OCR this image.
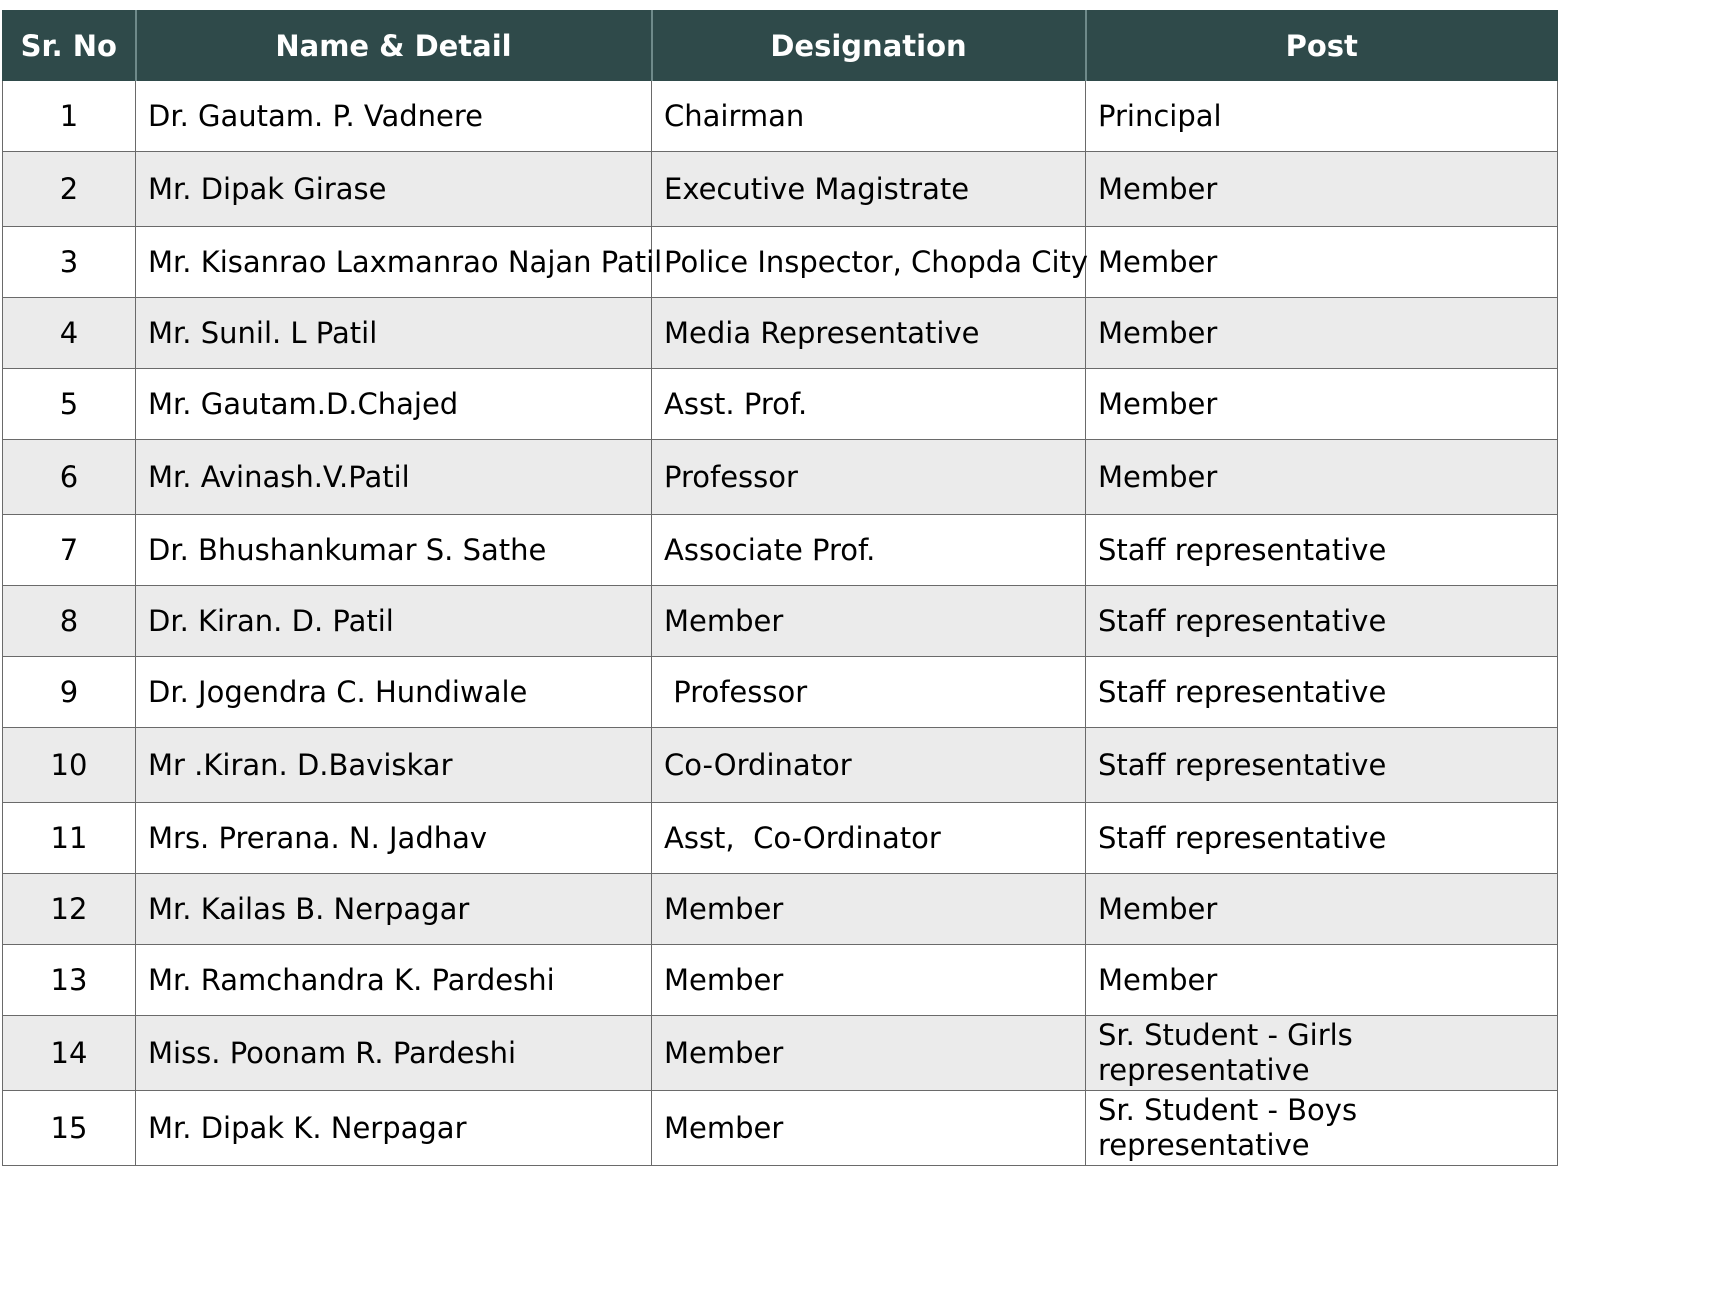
Sr. No	Name & Detail	Designation	Post
1	Dr. Gautam. P. Vadnere	Chairman	Principal
2	Mr. Dipak Girase	Executive Magistrate	Member
3	Mr. Kisanrao Laxmanrao Najan Patil	Police Inspector, Chopda City	Member
4	Mr. Sunil. L Patil	Media Representative	Member
5	Mr. Gautam.D.Chajed	Asst. Prof.	Member
6	Mr. Avinash.V.Patil	Professor	Member
7	Dr. Bhushankumar S. Sathe	Associate Prof.	Staff representative
8	Dr. Kiran. D. Patil	Member	Staff representative
9	Dr. Jogendra C. Hundiwale	Professor	Staff representative
10	Mr .Kiran. D.Baviskar	Co-Ordinator	Staff representative
11	Mrs. Prerana. N. Jadhav	Asst,  Co-Ordinator	Staff representative
12	Mr. Kailas B. Nerpagar	Member	Member
13	Mr. Ramchandra K. Pardeshi	Member	Member
14	Miss. Poonam R. Pardeshi	Member	Sr. Student - Girls representative
15	Mr. Dipak K. Nerpagar	Member	Sr. Student - Boys representative
